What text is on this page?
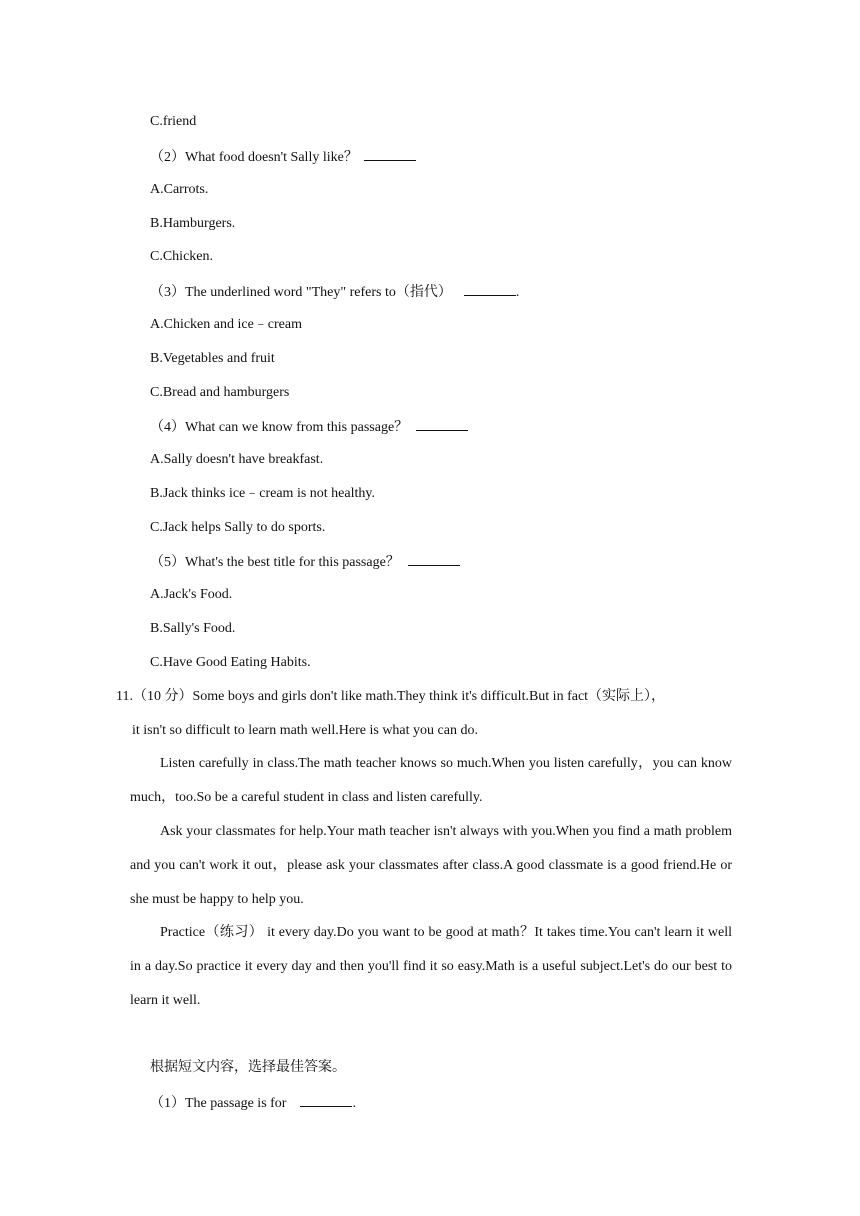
C.friend
（2）What food doesn't Sally like？
A.Carrots.
B.Hamburgers.
C.Chicken.
（3）The underlined word "They" refers to（指代）	.
A.Chicken and ice﹣cream
B.Vegetables and fruit
C.Bread and hamburgers
（4）What can we know from this passage？
A.Sally doesn't have breakfast.
B.Jack thinks ice﹣cream is not healthy.
C.Jack helps Sally to do sports.
（5）What's the best title for this passage？
A.Jack's Food.
B.Sally's Food.
C.Have Good Eating Habits.
11.（10 分）Some boys and girls don't like math.They think it's difficult.But in fact（实际上），
it isn't so difficult to learn math well.Here is what you can do.
Listen carefully in class.The math teacher knows so much.When you listen carefully，you can know much，too.So be a careful student in class and listen carefully.
Ask your classmates for help.Your math teacher isn't always with you.When you find a math problem and you can't work it out，please ask your classmates after class.A good classmate is a good friend.He or she must be happy to help you.
Practice（练习） it every day.Do you want to be good at math？It takes time.You can't learn it well in a day.So practice it every day and then you'll find it so easy.Math is a useful subject.Let's do our best to learn it well.
根据短文内容，选择最佳答案。
（1）The passage is for	.
